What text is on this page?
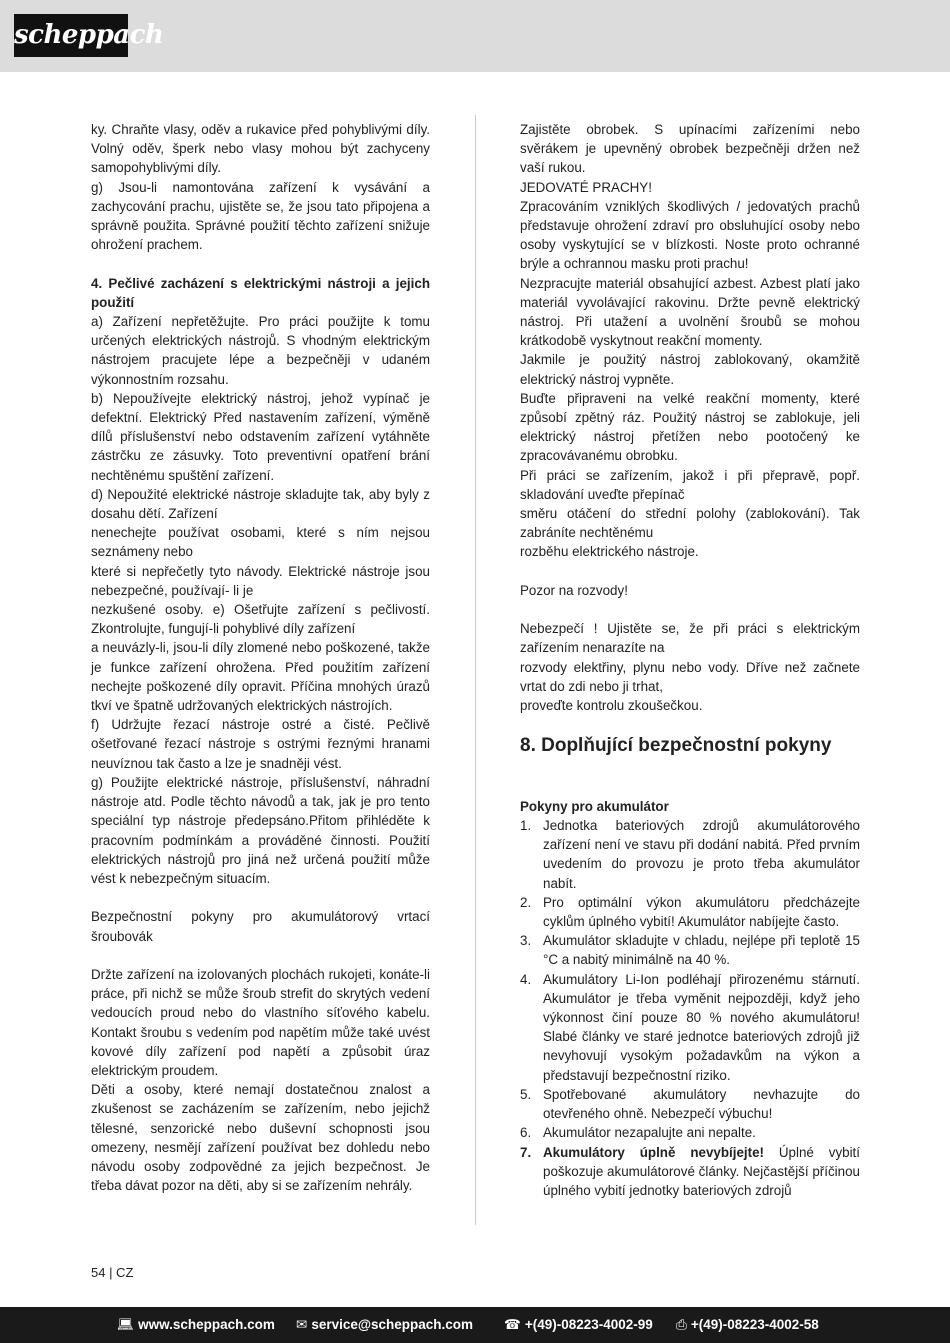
scheppach

ky. Chraňte vlasy, oděv a rukavice před pohyblivými díly. Volný oděv, šperk nebo vlasy mohou být zachyceny samopohyblivými díly.

g) Jsou-li namontována zařízení k vysávání a zachycování prachu, ujistěte se, že jsou tato připojena a správně použita. Správné použití těchto zařízení snižuje ohrožení prachem.

4. Pečlivé zacházení s elektrickými nástroji a jejich použití

a) Zařízení nepřetěžujte. Pro práci použijte k tomu určených elektrických nástrojů. S vhodným elektrickým nástrojem pracujete lépe a bezpečněji v udaném výkonnostním rozsahu.

b) Nepoužívejte elektrický nástroj, jehož vypínač je defektní. Elektrický Před nastavením zařízení, výměně dílů příslušenství nebo odstavením zařízení vytáhněte zástrčku ze zásuvky. Toto preventivní opatření brání nechtěnému spuštění zařízení.

d) Nepoužité elektrické nástroje skladujte tak, aby byly z dosahu dětí. Zařízení

nenechejte používat osobami, které s ním nejsou seznámeny nebo

které si nepřečetly tyto návody. Elektrické nástroje jsou nebezpečné, používají- li je

nezkušené osoby. e) Ošetřujte zařízení s pečlivostí. Zkontrolujte, fungují-li pohyblivé díly zařízení

a neuvázly-li, jsou-li díly zlomené nebo poškozené, takže je funkce zařízení ohrožena. Před použitím zařízení nechejte poškozené díly opravit. Příčina mnohých úrazů tkví ve špatně udržovaných elektrických nástrojích.

f) Udržujte řezací nástroje ostré a čisté. Pečlivě ošetřované řezací nástroje s ostrými řeznými hranami neuvíznou tak často a lze je snadněji vést.

g) Použijte elektrické nástroje, příslušenství, náhradní nástroje atd. Podle těchto návodů a tak, jak je pro tento speciální typ nástroje předepsáno.Přitom přihléděte k pracovním podmínkám a prováděné činnosti. Použití elektrických nástrojů pro jiná než určená použití může vést k nebezpečným situacím.

Bezpečnostní pokyny pro akumulátorový vrtací šroubovák

Držte zařízení na izolovaných plochách rukojeti, konáte-li práce, při nichž se může šroub strefit do skrytých vedení vedoucích proud nebo do vlastního síťového kabelu. Kontakt šroubu s vedením pod napětím může také uvést kovové díly zařízení pod napětí a způsobit úraz elektrickým proudem.

Děti a osoby, které nemají dostatečnou znalost a zkušenost se zacházením se zařízením, nebo jejichž tělesné, senzorické nebo duševní schopnosti jsou omezeny, nesmějí zařízení používat bez dohledu nebo návodu osoby zodpovědné za jejich bezpečnost. Je třeba dávat pozor na děti, aby si se zařízením nehrály.

Zajistěte obrobek. S upínacími zařízeními nebo svěrákem je upevněný obrobek bezpečněji držen než vaší rukou.

JEDOVATÉ PRACHY!

Zpracováním vzniklých škodlivých / jedovatých prachů představuje ohrožení zdraví pro obsluhující osoby nebo osoby vyskytující se v blízkosti. Noste proto ochranné brýle a ochrannou masku proti prachu!

Nezpracujte materiál obsahující azbest. Azbest platí jako materiál vyvolávající rakovinu. Držte pevně elektrický nástroj. Při utažení a uvolnění šroubů se mohou krátkodobě vyskytnout reakční momenty.

Jakmile je použitý nástroj zablokovaný, okamžitě elektrický nástroj vypněte.

Buďte připraveni na velké reakční momenty, které způsobí zpětný ráz. Použitý nástroj se zablokuje, jeli elektrický nástroj přetížen nebo pootočený ke zpracovávanému obrobku.

Při práci se zařízením, jakož i při přepravě, popř. skladování uveďte přepínač

směru otáčení do střední polohy (zablokování). Tak zabráníte nechtěnému

rozběhu elektrického nástroje.

Pozor na rozvody!

Nebezpečí ! Ujistěte se, že při práci s elektrickým zařízením nenarazíte na

rozvody elektřiny, plynu nebo vody. Dříve než začnete vrtat do zdi nebo ji trhat,

proveďte kontrolu zkoušečkou.

8. Doplňující bezpečnostní pokyny

Pokyny pro akumulátor

1. Jednotka bateriových zdrojů akumulátorového zařízení není ve stavu při dodání nabitá. Před prvním uvedením do provozu je proto třeba akumulátor nabít.
2. Pro optimální výkon akumulátoru předcházejte cyklům úplného vybití! Akumulátor nabíjejte často.
3. Akumulátor skladujte v chladu, nejlépe při teplotě 15 °C a nabitý minimálně na 40 %.
4. Akumulátory Li-Ion podléhají přirozenému stárnutí. Akumulátor je třeba vyměnit nejpozději, když jeho výkonnost činí pouze 80 % nového akumulátoru! Slabé články ve staré jednotce bateriových zdrojů již nevyhovují vysokým požadavkům na výkon a představují bezpečnostní riziko.
5. Spotřebované akumulátory nevhazujte do otevřeného ohně. Nebezpečí výbuchu!
6. Akumulátor nezapalujte ani nepalte.
7. Akumulátory úplně nevybíjejte! Úplné vybití poškozuje akumulátorové články. Nejčastější příčinou úplného vybití jednotky bateriových zdrojů
54 | CZ
💻︎ www.scheppach.com ✉︎ service@scheppach.com ☎︎ +(49)-08223-4002-99 ⎙︎ +(49)-08223-4002-58
